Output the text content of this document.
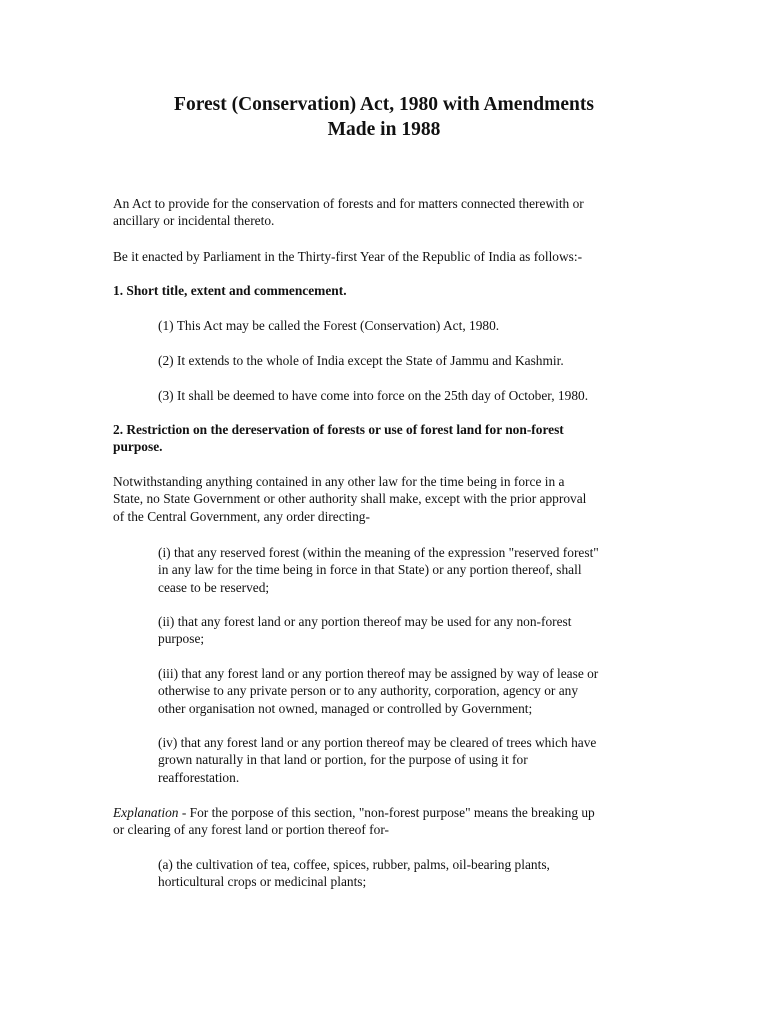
Forest (Conservation) Act, 1980 with Amendments
Made in 1988

An Act to provide for the conservation of forests and for matters connected therewith or
ancillary or incidental thereto.

Be it enacted by Parliament in the Thirty-first Year of the Republic of India as follows:-

1. Short title, extent and commencement.

(1) This Act may be called the Forest (Conservation) Act, 1980.

(2) It extends to the whole of India except the State of Jammu and Kashmir.

(3) It shall be deemed to have come into force on the 25th day of October, 1980.

2. Restriction on the dereservation of forests or use of forest land for non-forest
purpose.

Notwithstanding anything contained in any other law for the time being in force in a
State, no State Government or other authority shall make, except with the prior approval
of the Central Government, any order directing-

(i) that any reserved forest (within the meaning of the expression "reserved forest"
in any law for the time being in force in that State) or any portion thereof, shall
cease to be reserved;

(ii) that any forest land or any portion thereof may be used for any non-forest
purpose;

(iii) that any forest land or any portion thereof may be assigned by way of lease or
otherwise to any private person or to any authority, corporation, agency or any
other organisation not owned, managed or controlled by Government;

(iv) that any forest land or any portion thereof may be cleared of trees which have
grown naturally in that land or portion, for the purpose of using it for
reafforestation.

Explanation - For the porpose of this section, "non-forest purpose" means the breaking up
or clearing of any forest land or portion thereof for-

(a) the cultivation of tea, coffee, spices, rubber, palms, oil-bearing plants,
horticultural crops or medicinal plants;
